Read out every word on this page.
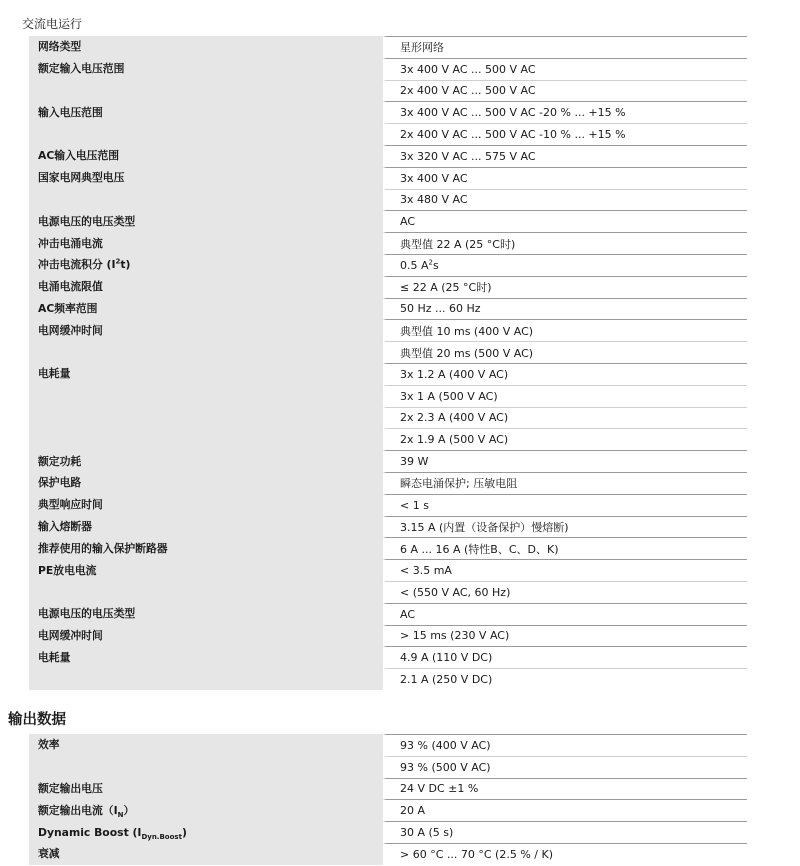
交流电运行
网络类型	星形网络
额定输入电压范围	3x 400 V AC ... 500 V AC
2x 400 V AC ... 500 V AC
输入电压范围	3x 400 V AC ... 500 V AC -20 % ... +15 %
2x 400 V AC ... 500 V AC -10 % ... +15 %
AC输入电压范围	3x 320 V AC ... 575 V AC
国家电网典型电压	3x 400 V AC
3x 480 V AC
电源电压的电压类型	AC
冲击电涌电流	典型值 22 A (25 °C时)
冲击电流积分 $(I^2t)$	0.5 $A^2s$
电涌电流限值	≤ 22 A (25 °C时)
AC频率范围	50 Hz ... 60 Hz
电网缓冲时间	典型值 10 ms (400 V AC)
典型值 20 ms (500 V AC)
电耗量	3x 1.2 A (400 V AC)
3x 1 A (500 V AC)
2x 2.3 A (400 V AC)
2x 1.9 A (500 V AC)
额定功耗	39 W
保护电路	瞬态电涌保护; 压敏电阻
典型响应时间	< 1 s
输入熔断器	3.15 A (内置（设备保护）慢熔断)
推荐使用的输入保护断路器	6 A ... 16 A (特性B、C、D、K)
PE放电电流	< 3.5 mA
< (550 V AC, 60 Hz)
电源电压的电压类型	AC
电网缓冲时间	> 15 ms (230 V AC)
电耗量	4.9 A (110 V DC)
2.1 A (250 V DC)
输出数据
效率	93 % (400 V AC)
93 % (500 V AC)
额定输出电压	24 V DC ±1 %
额定输出电流$(I_N)$	20 A
Dynamic Boost $(I_{Dyn.Boost})$	30 A (5 s)
衰减	> 60 °C ... 70 °C (2.5 % / K)
